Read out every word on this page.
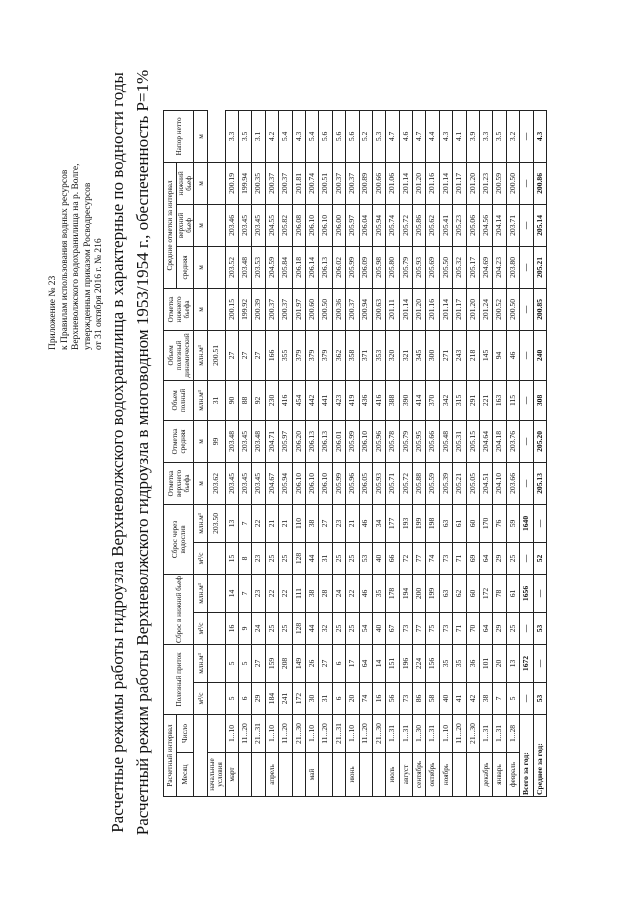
Приложение № 23 к Правилам использования водных ресурсов Верхневолжского водохранилища на р. Волге, утвержденным приказом Росводресурсов от 31 октября 2016 г. № 216 Расчетные режимы работы гидроузла Верхневолжского водохранилища в характерные по водности годы Расчетный режим работы Верхневолжского гидроузла в многоводном 1953/1954 г., обеспеченность P=1% Расчетный интервал		Полезный приток		Сброс в нижний бьеф		Сброс через водослив		Отметка верхнего бьефа	Отметка средняя	Объем полный	Объем полезный динамический	Отметка нижнего бьефа	Средние отметки за интервал			Напор нетто
Месяц	Число												средняя	верхний бьеф	нижний бьеф	
		м³/с	млн.м³	м³/с	млн.м³	м³/с	млн.м³	м	м	млн.м³	млн.м³	м	м	м	м	м
начальные условия							203.50	203.62	99	31	200.51					
март	1...10	5	5	16	14	15	13	203.45	203.48	90	27	200.15	203.52	203.46	200.19	3.3
	11...20	6	5	9	7	8	7	203.45	203.45	88	27	199.92	203.48	203.45	199.94	3.5
	21...31	29	27	24	23	23	22	203.45	203.48	92	27	200.39	203.53	203.45	200.35	3.1
апрель	1...10	184	159	25	22	25	21	204.67	204.71	230	166	200.37	204.59	204.55	200.37	4.2
	11...20	241	208	25	22	25	21	205.94	205.97	416	355	200.37	205.84	205.82	200.37	5.4
	21...30	172	149	128	111	128	110	206.10	206.20	454	379	201.97	206.18	206.08	201.81	4.3
май	1...10	30	26	44	38	44	38	206.10	206.13	442	379	200.60	206.14	206.10	200.74	5.4
	11...20	31	27	32	28	31	27	206.10	206.13	441	379	200.50	206.13	206.10	200.51	5.6
	21...31	6	6	25	24	25	23	205.99	206.01	423	362	200.36	206.02	206.00	200.37	5.6
июнь	1...10	20	17	25	22	25	21	205.96	205.99	419	358	200.37	205.99	205.97	200.37	5.6
	11...20	74	64	54	46	53	46	206.05	206.10	436	371	200.94	206.09	206.04	200.89	5.2
	21...30	16	14	40	35	40	34	205.93	205.96	416	353	200.63	205.98	205.94	200.66	5.3
июль	1...31	56	151	67	178	66	177	205.71	205.78	388	320	201.11	205.80	205.74	201.06	4.7
август	1...31	73	196	73	194	72	193	205.72	205.79	390	321	201.14	205.79	205.72	201.14	4.6
сентябрь	1...30	86	224	77	200	77	199	205.88	205.95	414	345	201.20	205.93	205.86	201.20	4.7
октябрь	1...31	58	156	75	199	74	198	205.59	205.66	370	300	201.16	205.69	205.62	201.16	4.4
ноябрь	1...10	40	35	73	63	73	63	205.39	205.48	342	271	201.14	205.50	205.41	201.14	4.3
	11...20	41	35	71	62	71	61	205.21	205.31	315	243	201.17	205.32	205.23	201.17	4.1
	21...30	42	36	70	60	69	60	205.05	205.15	291	218	201.20	205.17	205.06	201.20	3.9
декабрь	1...31	38	101	64	172	64	170	204.51	204.64	221	145	201.24	204.69	204.56	201.23	3.3
январь	1...31	7	20	29	78	29	76	204.10	204.18	163	94	200.52	204.23	204.14	200.59	3.5
февраль	1...28	5	13	25	61	25	59	203.66	203.76	115	46	200.50	203.80	203.71	200.50	3.2
Всего за год:		—	1672	—	1656	—	1640	—	—	—	—	—	—	—	—	—
Среднее за год:		53	—	53	—	52	—	205.13	205.20	308	240	200.85	205.21	205.14	200.86	4.3
